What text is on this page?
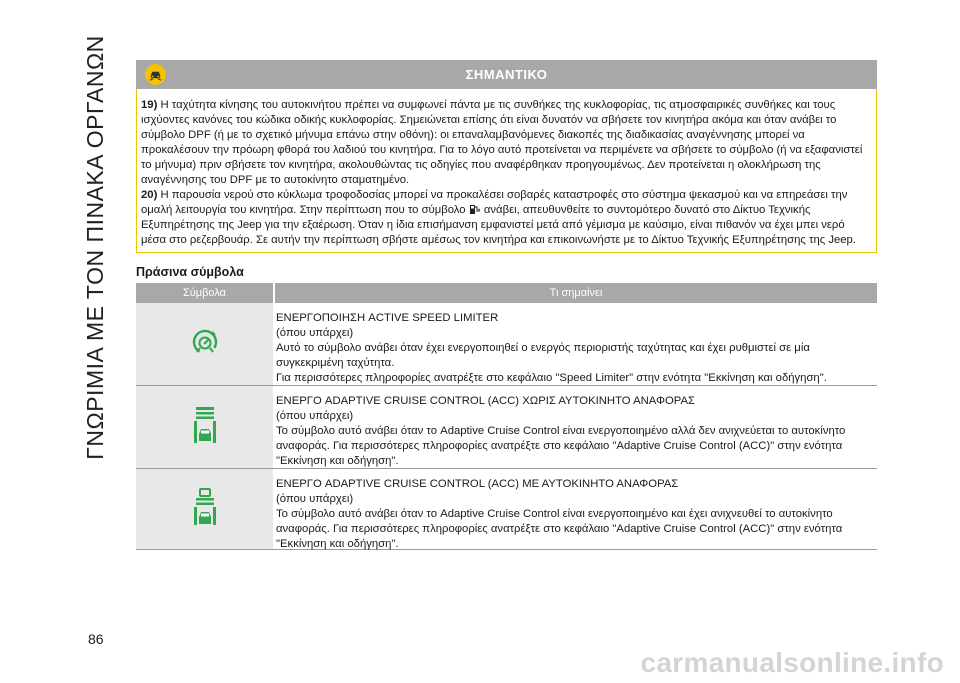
ΓΝΩΡΙΜΙΑ ΜΕ ΤΟΝ ΠΙΝΑΚΑ ΟΡΓΑΝΩΝ	ΣΗΜΑΝΤΙΚΟ

19) Η ταχύτητα κίνησης του αυτοκινήτου πρέπει να συμφωνεί πάντα με τις συνθήκες της κυκλοφορίας, τις ατμοσφαιρικές συνθήκες και τους ισχύοντες κανόνες του κώδικα οδικής κυκλοφορίας. Σημειώνεται επίσης ότι είναι δυνατόν να σβήσετε τον κινητήρα ακόμα και όταν ανάβει το σύμβολο DPF (ή με το σχετικό μήνυμα επάνω στην οθόνη): οι επαναλαμβανόμενες διακοπές της διαδικασίας αναγέννησης μπορεί να προκαλέσουν την πρόωρη φθορά του λαδιού του κινητήρα. Για το λόγο αυτό προτείνεται να περιμένετε να σβήσετε το σύμβολο (ή να εξαφανιστεί το μήνυμα) πριν σβήσετε τον κινητήρα, ακολουθώντας τις οδηγίες που αναφέρθηκαν προηγουμένως. Δεν προτείνεται η ολοκλήρωση της αναγέννησης του DPF με το αυτοκίνητο σταματημένο.

20) Η παρουσία νερού στο κύκλωμα τροφοδοσίας μπορεί να προκαλέσει σοβαρές καταστροφές στο σύστημα ψεκασμού και να επηρεάσει την ομαλή λειτουργία του κινητήρα. Στην περίπτωση που το σύμβολο ανάβει, απευθυνθείτε το συντομότερο δυνατό στο Δίκτυο Τεχνικής Εξυπηρέτησης της Jeep για την εξαέρωση. Όταν η ίδια επισήμανση εμφανιστεί μετά από γέμισμα με καύσιμο, είναι πιθανόν να έχει μπει νερό μέσα στο ρεζερβουάρ. Σε αυτήν την περίπτωση σβήστε αμέσως τον κινητήρα και επικοινωνήστε με το Δίκτυο Τεχνικής Εξυπηρέτησης της Jeep.

Πράσινα σύμβολα
Σύμβολα	Τι σημαίνει
ΕΝΕΡΓΟΠΟΙΗΣΗ ACTIVE SPEED LIMITER
(όπου υπάρχει)
Αυτό το σύμβολο ανάβει όταν έχει ενεργοποιηθεί ο ενεργός περιοριστής ταχύτητας και έχει ρυθμιστεί σε μία συγκεκριμένη ταχύτητα.
Για περισσότερες πληροφορίες ανατρέξτε στο κεφάλαιο "Speed Limiter" στην ενότητα "Εκκίνηση και οδήγηση".
ΕΝΕΡΓΟ ADAPTIVE CRUISE CONTROL (ACC) ΧΩΡΙΣ ΑΥΤΟΚΙΝΗΤΟ ΑΝΑΦΟΡΑΣ
(όπου υπάρχει)
Το σύμβολο αυτό ανάβει όταν το Adaptive Cruise Control είναι ενεργοποιημένο αλλά δεν ανιχνεύεται το αυτοκίνητο αναφοράς. Για περισσότερες πληροφορίες ανατρέξτε στο κεφάλαιο "Adaptive Cruise Control (ACC)" στην ενότητα "Εκκίνηση και οδήγηση".
ΕΝΕΡΓΟ ADAPTIVE CRUISE CONTROL (ACC) ΜΕ ΑΥΤΟΚΙΝΗΤΟ ΑΝΑΦΟΡΑΣ
(όπου υπάρχει)
Το σύμβολο αυτό ανάβει όταν το Adaptive Cruise Control είναι ενεργοποιημένο και έχει ανιχνευθεί το αυτοκίνητο αναφοράς. Για περισσότερες πληροφορίες ανατρέξτε στο κεφάλαιο "Adaptive Cruise Control (ACC)" στην ενότητα "Εκκίνηση και οδήγηση".
86
carmanualsonline.info
